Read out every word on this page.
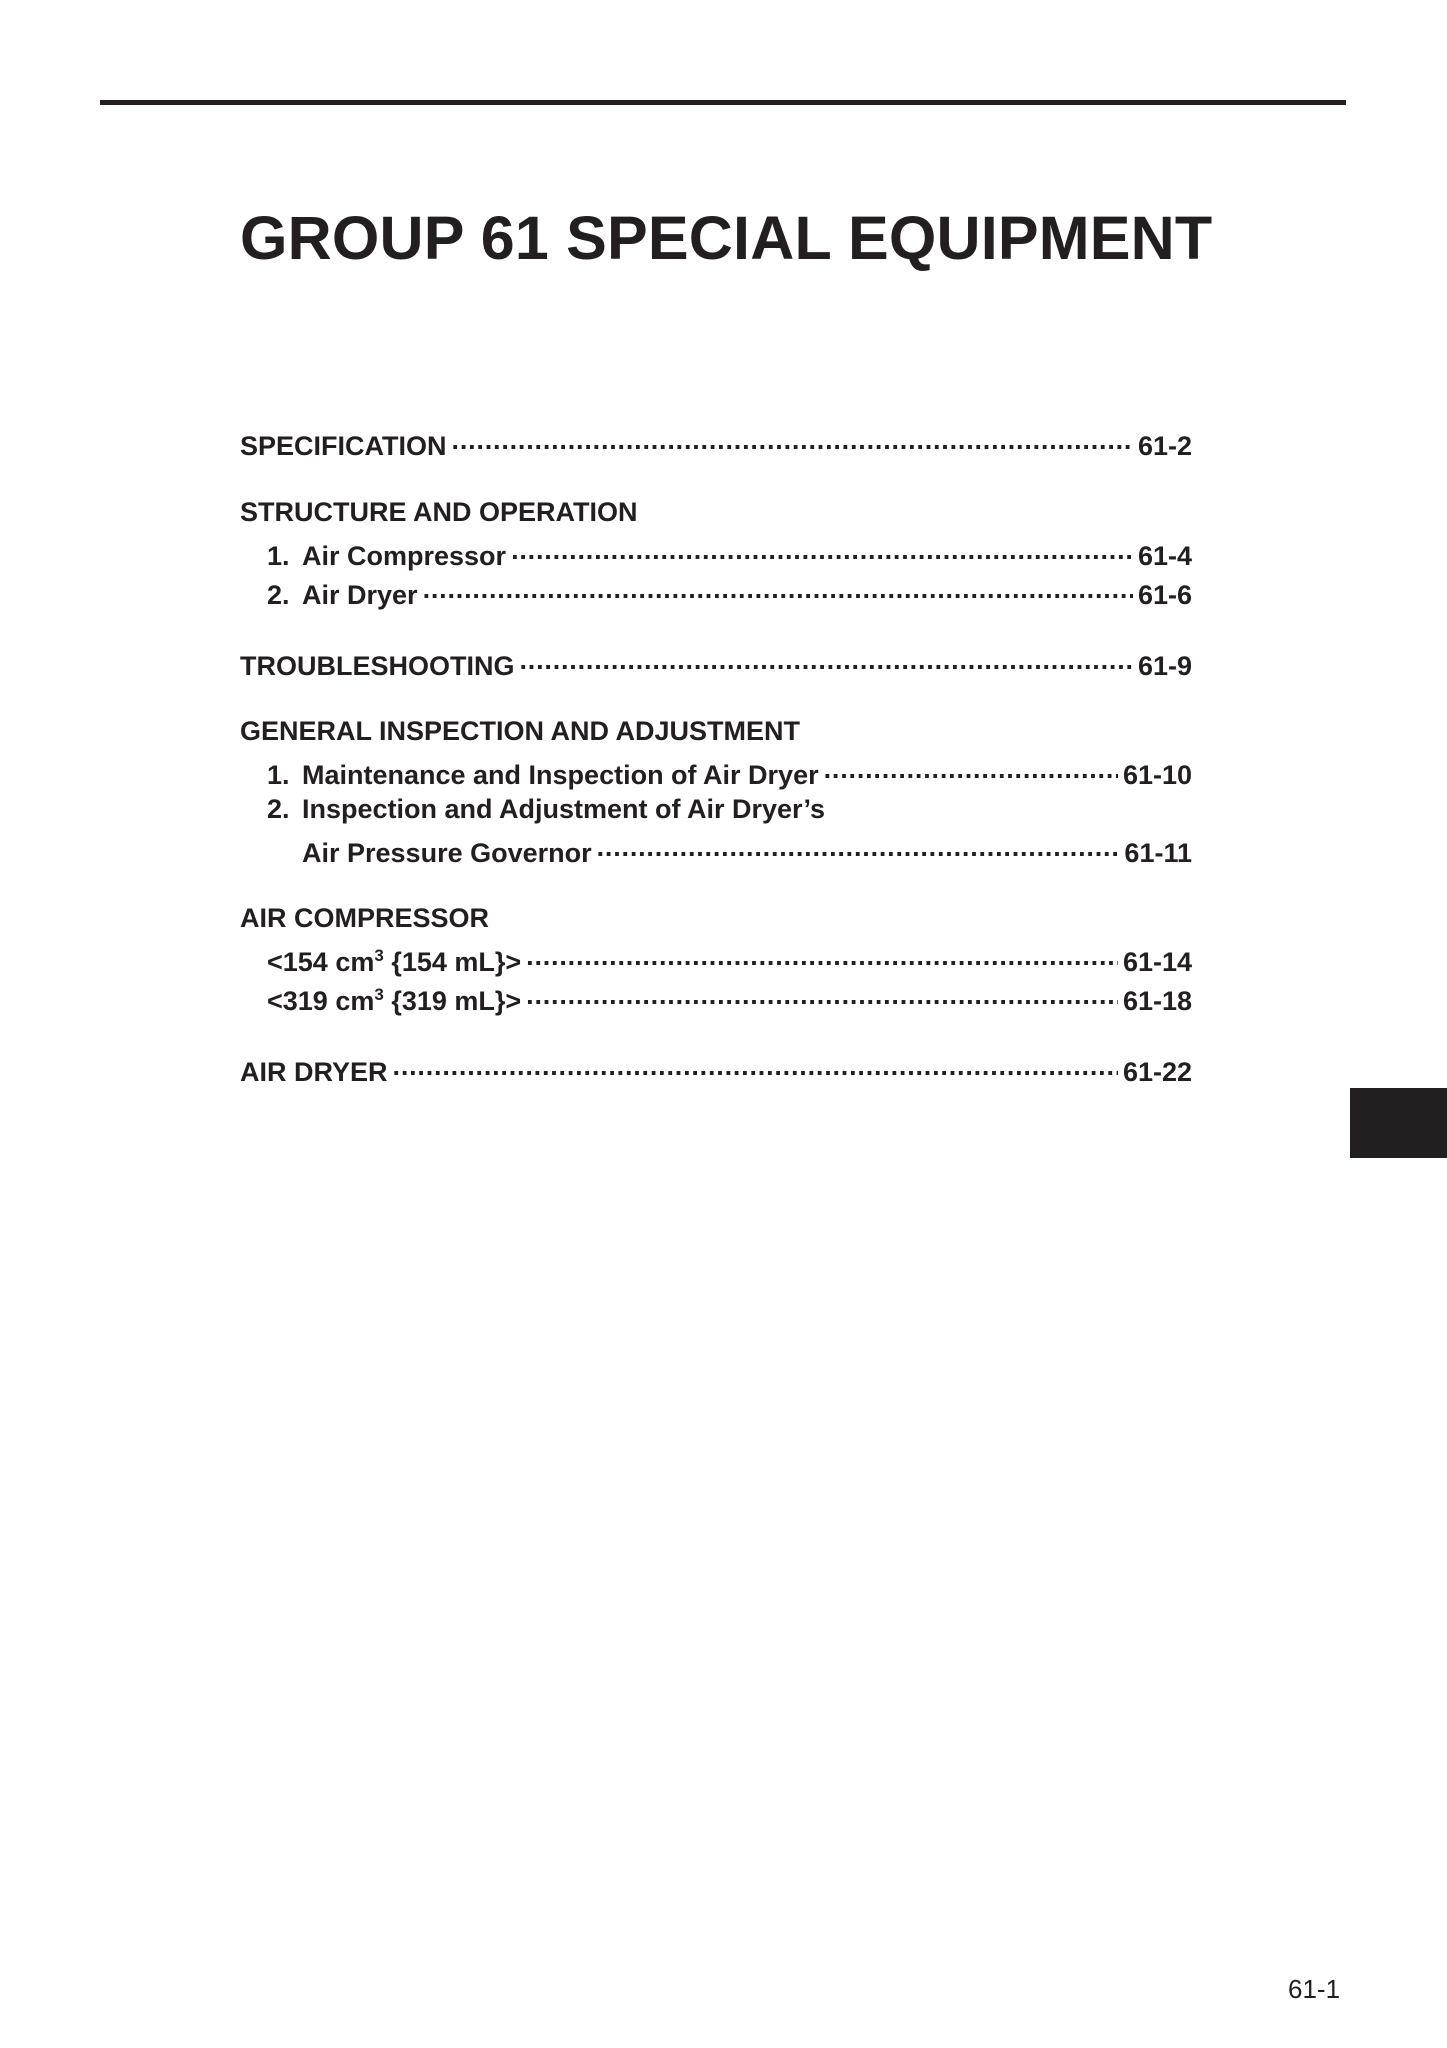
GROUP 61 SPECIAL EQUIPMENT
SPECIFICATION .....	61-2
STRUCTURE AND OPERATION
1. Air Compressor .....	61-4
2. Air Dryer .....	61-6
TROUBLESHOOTING .....	61-9
GENERAL INSPECTION AND ADJUSTMENT
1. Maintenance and Inspection of Air Dryer .....	61-10
2. Inspection and Adjustment of Air Dryer’s
Air Pressure Governor .....	61-11
AIR COMPRESSOR
<154 $cm^3$ {154 mL}> .....	61-14
<319 $cm^3$ {319 mL}> .....	61-18
AIR DRYER .....	61-22
61-1
